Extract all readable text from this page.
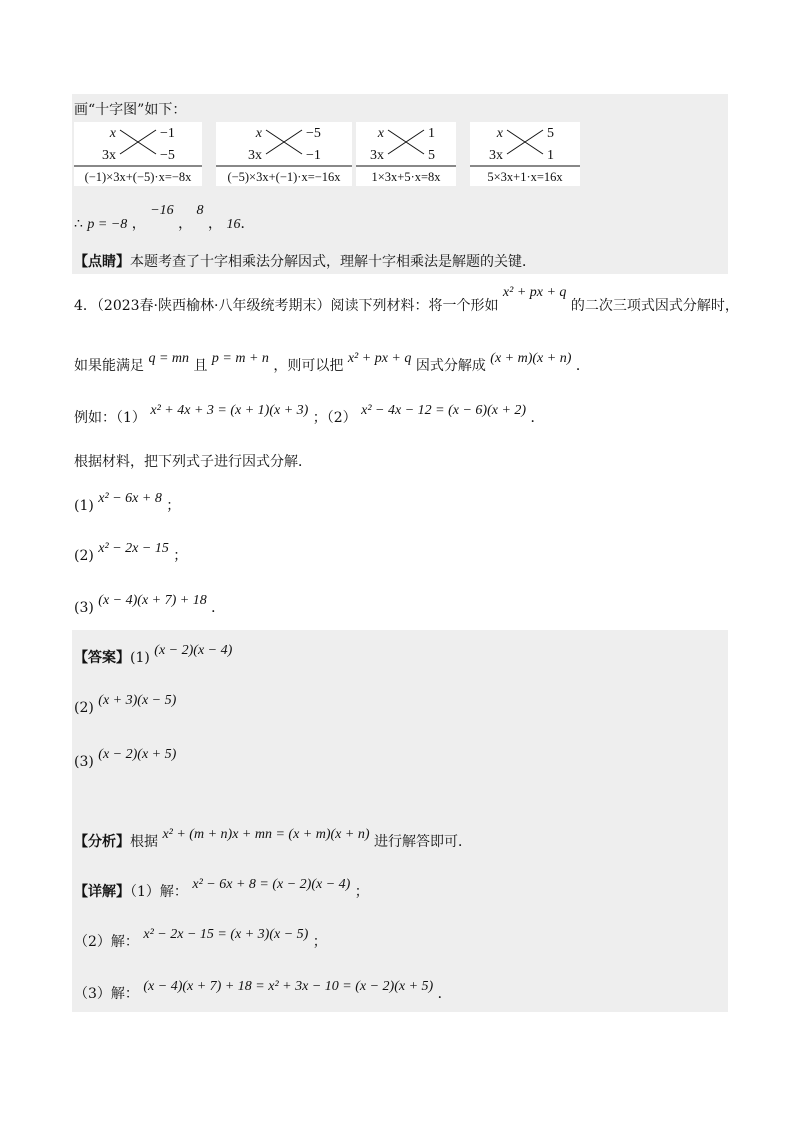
画“十字图”如下：
x	−1
3x	−5
(−1)×3x+(−5)·x=−8x
x	−5
3x	−1
(−5)×3x+(−1)·x=−16x
x	1
3x	5
1×3x+5·x=8x
x	5
3x	1
5×3x+1·x=16x
∴ p = −8 ， −16 ， 8 ， 16．
【点睛】本题考查了十字相乘法分解因式，理解十字相乘法是解题的关键．
4．（2023春·陕西榆林·八年级统考期末）阅读下列材料：将一个形如 x² + px + q 的二次三项式因式分解时，
如果能满足 q = mn 且 p = m + n ，则可以把 x² + px + q 因式分解成 (x + m)(x + n) ．
例如：（1） x² + 4x + 3 = (x + 1)(x + 3) ；（2） x² − 4x − 12 = (x − 6)(x + 2) ．
根据材料，把下列式子进行因式分解．
(1) x² − 6x + 8 ；
(2) x² − 2x − 15 ；
(3) (x − 4)(x + 7) + 18 ．
【答案】(1) (x − 2)(x − 4)
(2) (x + 3)(x − 5)
(3) (x − 2)(x + 5)
【分析】根据 x² + (m + n)x + mn = (x + m)(x + n) 进行解答即可．
【详解】（1）解： x² − 6x + 8 = (x − 2)(x − 4) ；
（2）解： x² − 2x − 15 = (x + 3)(x − 5) ；
（3）解： (x − 4)(x + 7) + 18 = x² + 3x − 10 = (x − 2)(x + 5) ．
